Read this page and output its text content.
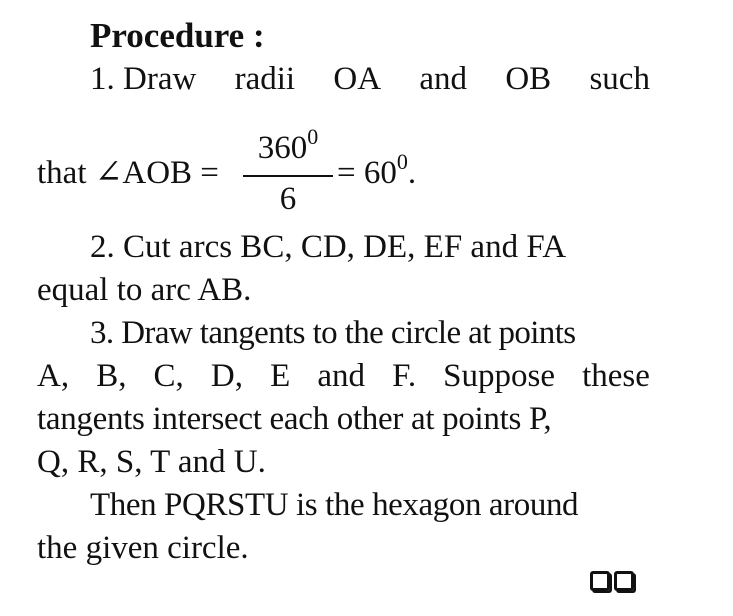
Procedure :
1. Draw radii OA and OB such
that ∠AOB =
$360^0$
6
= $60^0$.
2. Cut arcs BC, CD, DE, EF and FA
equal to arc AB.
3. Draw tangents to the circle at points
A, B, C, D, E and F. Suppose these
tangents intersect each other at points P,
Q, R, S, T and U.
Then PQRSTU is the hexagon around
the given circle.
